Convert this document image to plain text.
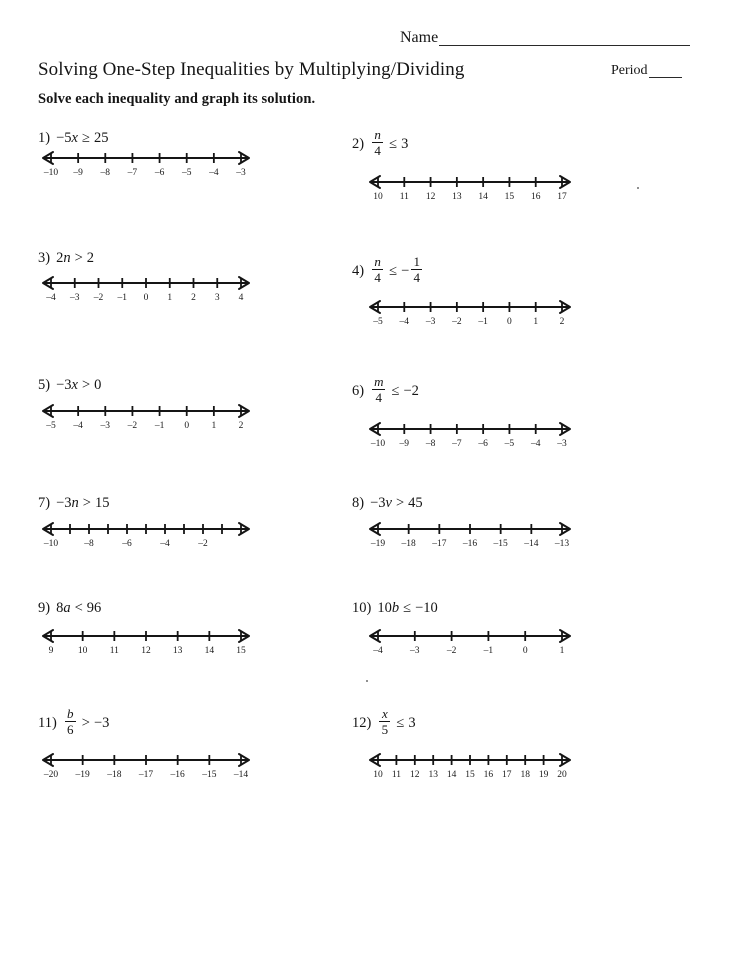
Name
Solving One-Step Inequalities by Multiplying/Dividing	Period
Solve each inequality and graph its solution.
1) −5 x ≥ 25
–10 –9 –8 –7 –6 –5 –4 –3
$2) \frac{n}{4} \le 3$
10 11 12 13 14 15 16 17
3) 2 n > 2
–4 –3 –2 –1 0 1 2 3 4
$4) \frac{n}{4}$ ≤ − $\frac{1}{4}$
–5 –4 –3 –2 –1 0 1 2
5) −3 x > 0
–5 –4 –3 –2 –1 0 1 2
$6) \frac{m}{4} \le -2$
–10 –9 –8 –7 –6 –5 –4 –3
7) −3 n > 15
–10	–8	–6	–4	–2
8) −3 v > 45
–19 –18 –17 –16 –15 –14 –13
9) 8 a < 96
9	10 11 12 13 14 15
10) 10 b ≤ −10
–4	–3	–2	–1	0	1
$11) \frac{b}{6} > -3$
–20 –19 –18 –17 –16 –15 –14
$12) \frac{x}{5} \le 3$
10 11 12 13 14 15 16 17 18 19 20
